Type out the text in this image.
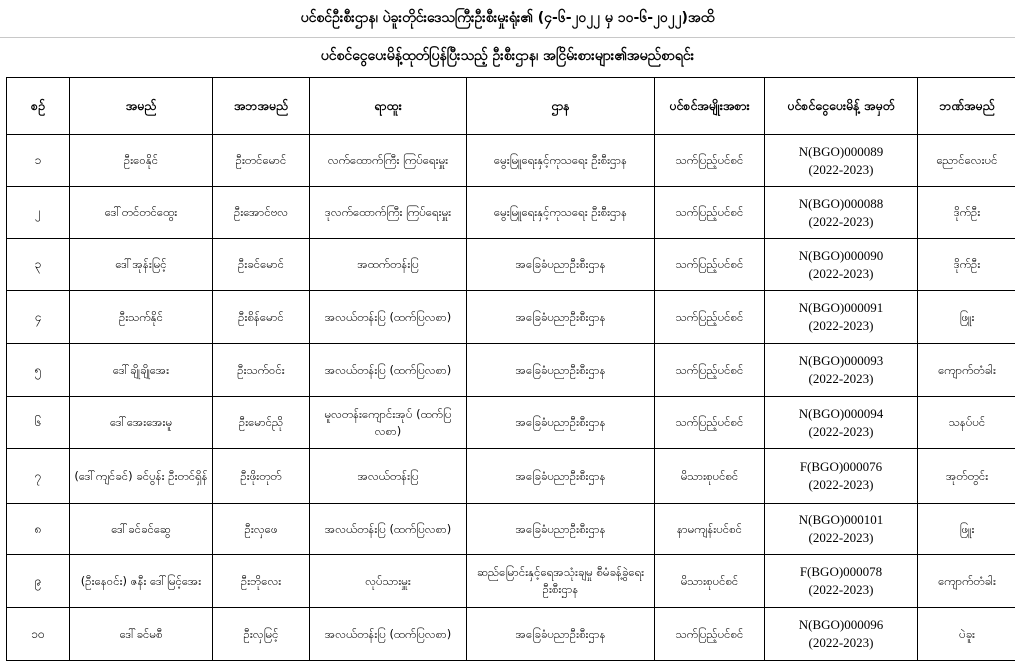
ပင်စင်ဦးစီးဌာန၊ ပဲခူးတိုင်းဒေသကြီးဦးစီးမှုးရုံး၏ (၄-၆-၂၀၂၂ မှ ၁၀-၆-၂၀၂၂)အထိ
ပင်စင်ငွေပေးမိန့်ထုတ်ပြန်ပြီးသည့် ဦးစီးဌာန၊ အငြိမ်းစားများ၏အမည်စာရင်း
စဉ်	အမည်	အဘအမည်	ရာထူး	ဌာန	ပင်စင်အမျိုးအစား	ပင်စင်ငွေပေးမိန့် အမှတ်	ဘဏ်အမည်
၁	ဦးဝေနိုင်	ဦးတင်မောင်	လက်ထောက်ကြီး ကြပ်ရေးမှူး	မွေးမြူရေးနှင့်ကုသရေး ဦးစီးဌာန	သက်ပြည့်ပင်စင်	N(BGO)000089
(2022-2023)	ညောင်လေးပင်
၂	ဒေါ်တင်တင်ထွေး	ဦးအောင်ဗလ	ဒုလက်ထောက်ကြီး ကြပ်ရေးမှူး	မွေးမြူရေးနှင့်ကုသရေး ဦးစီးဌာန	သက်ပြည့်ပင်စင်	N(BGO)000088
(2022-2023)	ဒိုက်ဦး
၃	ဒေါ်အုန်းမြင့်	ဦးခင်မောင်	အထက်တန်းပြ	အခြေခံပညာဦးစီးဌာန	သက်ပြည့်ပင်စင်	N(BGO)000090
(2022-2023)	ဒိုက်ဦး
၄	ဦးသက်နိုင်	ဦးစိန်မောင်	အလယ်တန်းပြ (ထက်ပြလစာ)	အခြေခံပညာဦးစီးဌာန	သက်ပြည့်ပင်စင်	N(BGO)000091
(2022-2023)	ဖြူး
၅	ဒေါ်ချိုချိုအေး	ဦးသက်ဝင်း	အလယ်တန်းပြ (ထက်ပြလစာ)	အခြေခံပညာဦးစီးဌာန	သက်ပြည့်ပင်စင်	N(BGO)000093
(2022-2023)	ကျောက်တံခါး
၆	ဒေါ်အေးအေးမူ	ဦးမောင်ညို	မူလတန်းကျောင်းအုပ် (ထက်ပြလစာ)	အခြေခံပညာဦးစီးဌာန	သက်ပြည့်ပင်စင်	N(BGO)000094
(2022-2023)	သနပ်ပင်
၇	(ဒေါ်ကျင်ခင်) ခင်ပွန်း ဦးတင်ရှိန်	ဦးဖိုးတုတ်	အလယ်တန်းပြ	အခြေခံပညာဦးစီးဌာန	မိသားစုပင်စင်	F(BGO)000076
(2022-2023)	အုတ်တွင်း
၈	ဒေါ်ခင်ခင်ဆွေ	ဦးလှဖေ	အလယ်တန်းပြ (ထက်ပြလစာ)	အခြေခံပညာဦးစီးဌာန	နာမကျန်းပင်စင်	N(BGO)000101
(2022-2023)	ဖြူး
၉	(ဦးနေဝင်း) ဇနီး ဒေါ်မြင့်အေး	ဦးဘိုလေး	လုပ်သားမှူး	ဆည်မြောင်းနှင့်ရေအသုံးချမှု စီမံခန့်ခွဲရေးဦးစီးဌာန	မိသားစုပင်စင်	F(BGO)000078
(2022-2023)	ကျောက်တံခါး
၁၀	ဒေါ်ခင်မစီ	ဦးလှမြင့်	အလယ်တန်းပြ (ထက်ပြလစာ)	အခြေခံပညာဦးစီးဌာန	သက်ပြည့်ပင်စင်	N(BGO)000096
(2022-2023)	ပဲခူး
